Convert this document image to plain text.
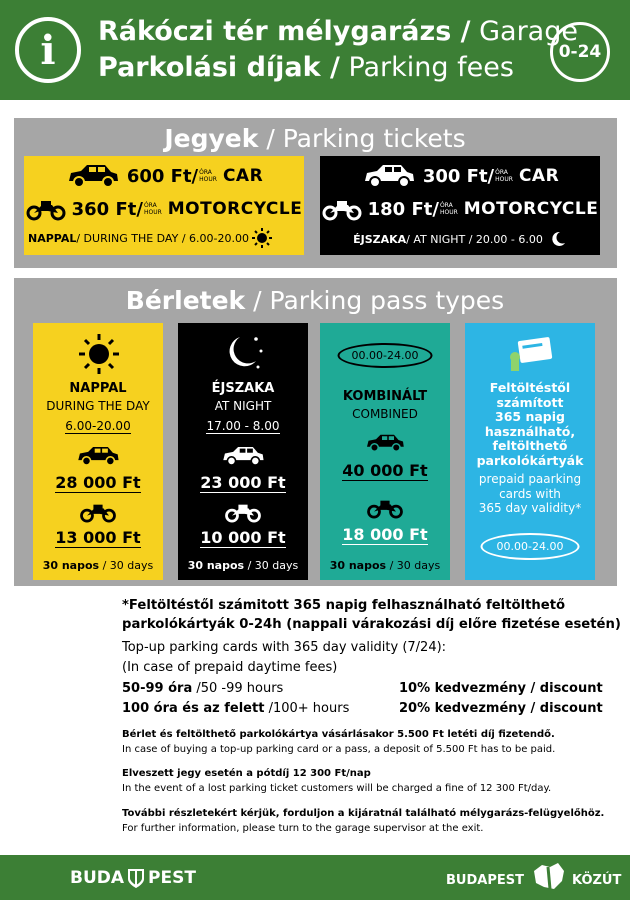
i Rákóczi tér mélygarázs / Garage
Parkolási díjak / Parking fees	0-24
Jegyek / Parking tickets
600 Ft/ ÓRA
HOUR CAR
360 Ft/ ÓRA
HOUR MOTORCYCLE
NAPPAL / DURING THE DAY / 6.00-20.00
300 Ft/ ÓRA
HOUR CAR
180 Ft/ ÓRA
HOUR MOTORCYCLE
ÉJSZAKA / AT NIGHT / 20.00 - 6.00
Bérletek / Parking pass types
NAPPAL
DURING THE DAY
6.00-20.00
28 000 Ft
13 000 Ft
30 napos / 30 days
ÉJSZAKA
AT NIGHT
17.00 - 8.00
23 000 Ft
10 000 Ft
30 napos / 30 days
00.00-24.00
KOMBINÁLT
COMBINED
40 000 Ft
18 000 Ft
30 napos / 30 days
Feltöltéstől
számított
365 napig
használható,
feltölthető
parkolókártyák
prepaid paarking
cards with
365 day validity*
00.00-24.00
*Feltöltéstől számitott 365 napig felhasználható feltölthető
parkolókártyák 0-24h (nappali várakozási díj előre fizetése esetén)
Top-up parking cards with 365 day validity (7/24):
(In case of prepaid daytime fees)
50-99 óra /50 -99 hours	10% kedvezmény / discount
100 óra és az felett /100+ hours	20% kedvezmény / discount
Bérlet és feltölthető parkolókártya vásárlásakor 5.500 Ft letéti díj fizetendő.
In case of buying a top-up parking card or a pass, a deposit of 5.500 Ft has to be paid.
Elveszett jegy esetén a pótdíj 12 300 Ft/nap
In the event of a lost parking ticket customers will be charged a fine of 12 300 Ft/day.
További részletekért kérjük, forduljon a kijáratnál található mélygarázs-felügyelőhöz.
For further information, please turn to the garage supervisor at the exit.
BUDA PEST	BUDAPEST	KÖZÚT
